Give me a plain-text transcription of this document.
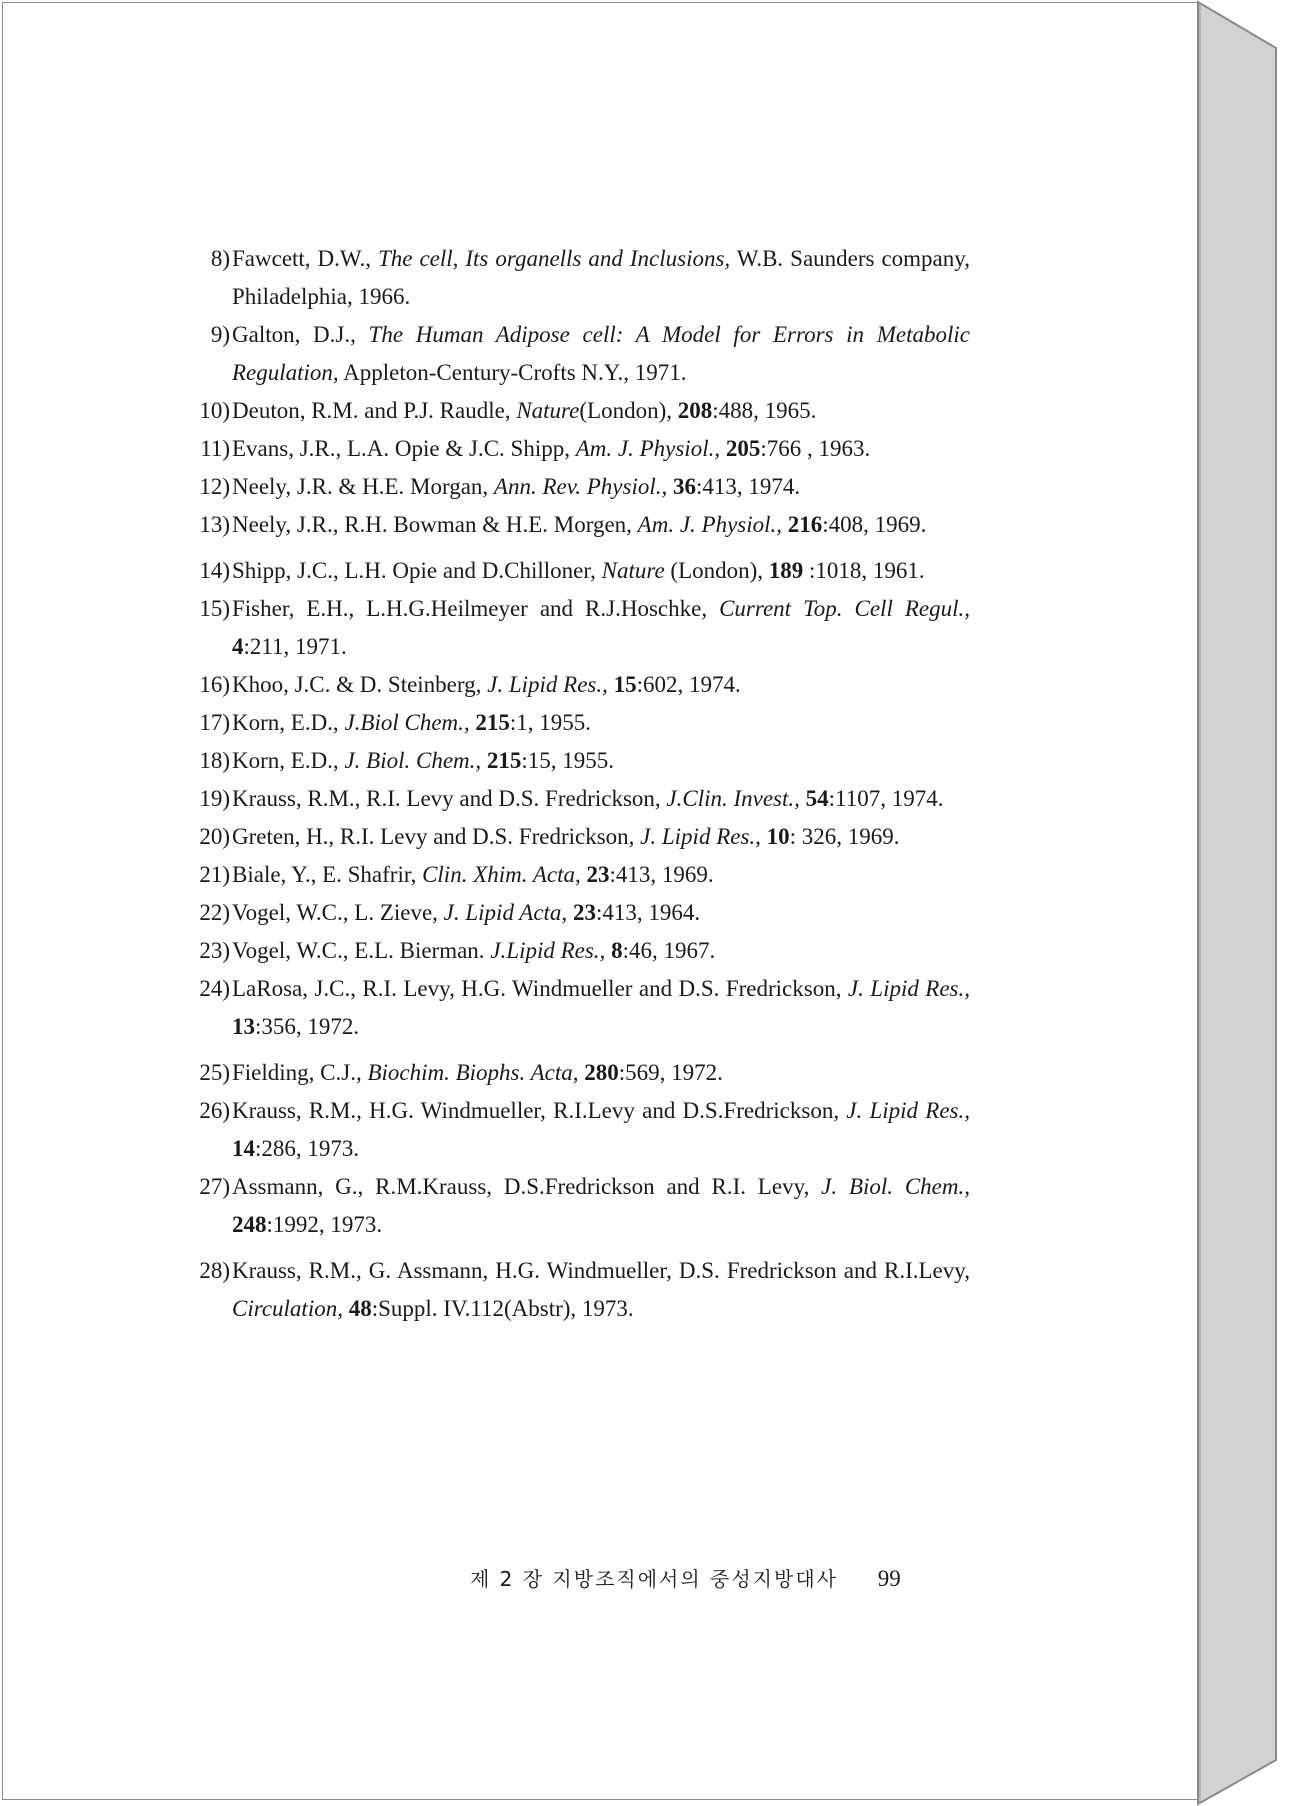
8) Fawcett, D.W., The cell, Its organells and Inclusions, W.B. Saunders company, Philadelphia, 1966.

9) Galton, D.J., The Human Adipose cell: A Model for Errors in Metabolic Regulation, Appleton-Century-Crofts N.Y., 1971.

10) Deuton, R.M. and P.J. Raudle, Nature(London), 208:488, 1965.

11) Evans, J.R., L.A. Opie & J.C. Shipp, Am. J. Physiol., 205:766 , 1963.

12) Neely, J.R. & H.E. Morgan, Ann. Rev. Physiol., 36:413, 1974.

13) Neely, J.R., R.H. Bowman & H.E. Morgen, Am. J. Physiol., 216:408, 1969.

14) Shipp, J.C., L.H. Opie and D.Chilloner, Nature (London), 189 :1018, 1961.

15) Fisher, E.H., L.H.G.Heilmeyer and R.J.Hoschke, Current Top. Cell Regul., 4:211, 1971.

16) Khoo, J.C. & D. Steinberg, J. Lipid Res., 15:602, 1974.

17) Korn, E.D., J.Biol Chem., 215:1, 1955.

18) Korn, E.D., J. Biol. Chem., 215:15, 1955.

19) Krauss, R.M., R.I. Levy and D.S. Fredrickson, J.Clin. Invest., 54:1107, 1974.

20) Greten, H., R.I. Levy and D.S. Fredrickson, J. Lipid Res., 10: 326, 1969.

21) Biale, Y., E. Shafrir, Clin. Xhim. Acta, 23:413, 1969.

22) Vogel, W.C., L. Zieve, J. Lipid Acta, 23:413, 1964.

23) Vogel, W.C., E.L. Bierman. J.Lipid Res., 8:46, 1967.

24) LaRosa, J.C., R.I. Levy, H.G. Windmueller and D.S. Fredrickson, J. Lipid Res., 13:356, 1972.

25) Fielding, C.J., Biochim. Biophs. Acta, 280:569, 1972.

26) Krauss, R.M., H.G. Windmueller, R.I.Levy and D.S.Fredrickson, J. Lipid Res., 14:286, 1973.

27) Assmann, G., R.M.Krauss, D.S.Fredrickson and R.I. Levy, J. Biol. Chem., 248:1992, 1973.

28) Krauss, R.M., G. Assmann, H.G. Windmueller, D.S. Fredrickson and R.I.Levy, Circulation, 48:Suppl. IV.112(Abstr), 1973.

제 2 장 지방조직에서의 중성지방대사 99
